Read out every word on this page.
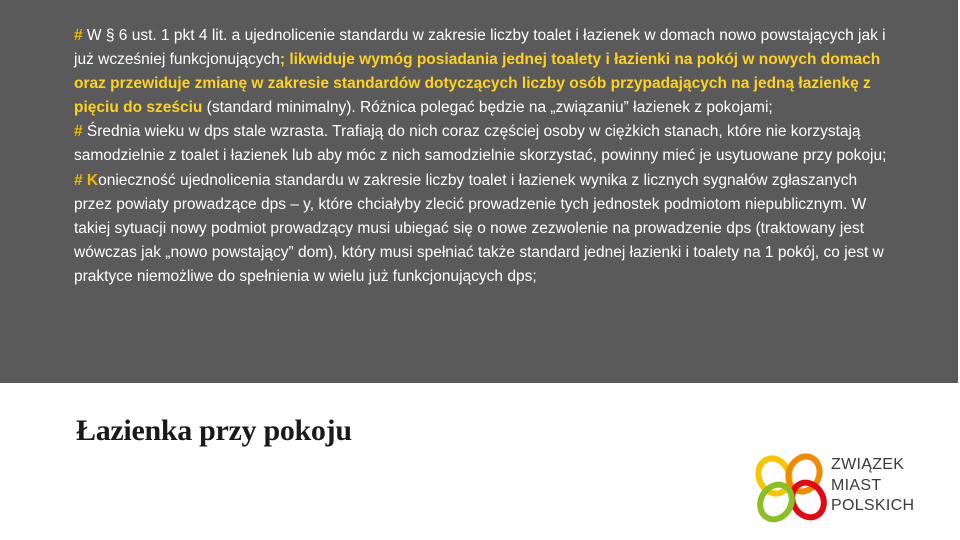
# W § 6 ust. 1 pkt 4 lit. a ujednolicenie standardu w zakresie liczby toalet i łazienek w domach nowo powstających jak i już wcześniej funkcjonujących; likwiduje wymóg posiadania jednej toalety i łazienki na pokój w nowych domach oraz przewiduje zmianę w zakresie standardów dotyczących liczby osób przypadających na jedną łazienkę z pięciu do sześciu (standard minimalny). Różnica polegać będzie na „związaniu” łazienek z pokojami;

# Średnia wieku w dps stale wzrasta. Trafiają do nich coraz częściej osoby w ciężkich stanach, które nie korzystają samodzielnie z toalet i łazienek lub aby móc z nich samodzielnie skorzystać, powinny mieć je usytuowane przy pokoju;

# Konieczność ujednolicenia standardu w zakresie liczby toalet i łazienek wynika z licznych sygnałów zgłaszanych przez powiaty prowadzące dps – y, które chciałyby zlecić prowadzenie tych jednostek podmiotom niepublicznym. W takiej sytuacji nowy podmiot prowadzący musi ubiegać się o nowe zezwolenie na prowadzenie dps (traktowany jest wówczas jak „nowo powstający” dom), który musi spełniać także standard jednej łazienki i toalety na 1 pokój, co jest w praktyce niemożliwe do spełnienia w wielu już funkcjonujących dps;

Łazienka przy pokoju
ZWIĄZEK
MIAST
POLSKICH
